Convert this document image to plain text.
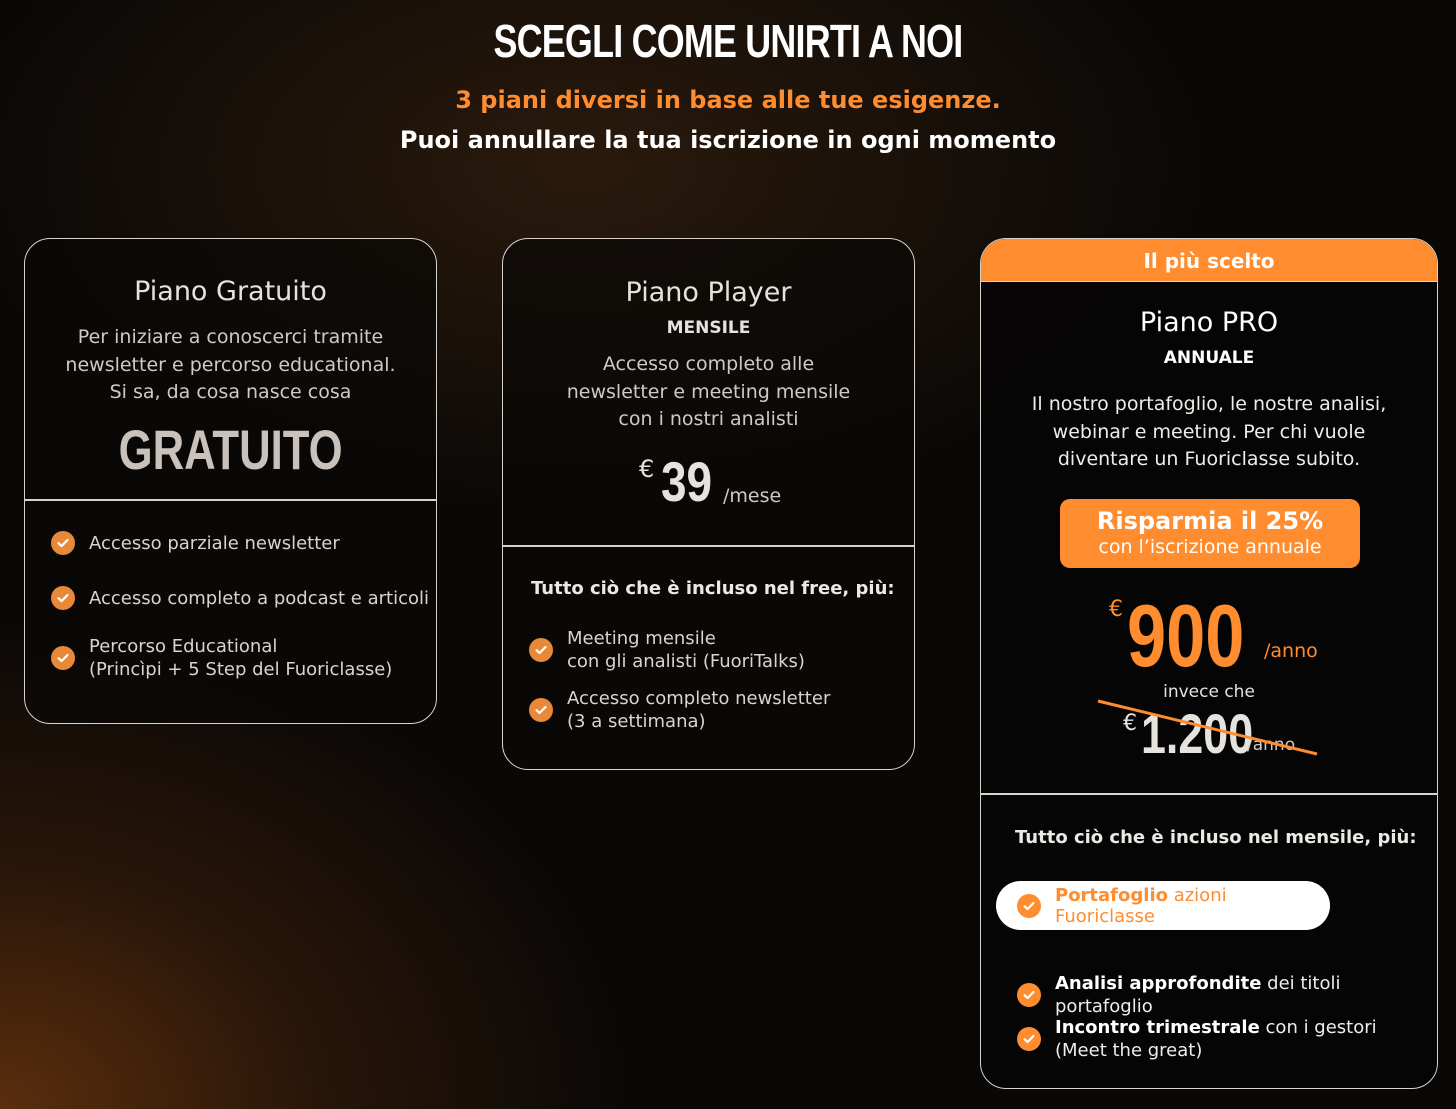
SCEGLI COME UNIRTI A NOI
3 piani diversi in base alle tue esigenze.
Puoi annullare la tua iscrizione in ogni momento
Piano Gratuito
Per iniziare a conoscerci tramite
newsletter e percorso educational.
Si sa, da cosa nasce cosa
GRATUITO
Accesso parziale newsletter
Accesso completo a podcast e articoli
Percorso Educational
(Princìpi + 5 Step del Fuoriclasse)
Piano Player
MENSILE
Accesso completo alle
newsletter e meeting mensile
con i nostri analisti
€ 39 /mese
Tutto ciò che è incluso nel free, più:
Meeting mensile
con gli analisti (FuoriTalks)
Accesso completo newsletter
(3 a settimana)
Il più scelto
Piano PRO
ANNUALE
Il nostro portafoglio, le nostre analisi,
webinar e meeting. Per chi vuole
diventare un Fuoriclasse subito.
Risparmia il 25%
con l’iscrizione annuale
€ 900 /anno
invece che
€ 1.200
/anno
Tutto ciò che è incluso nel mensile, più:
Portafoglio azioni Fuoriclasse
Analisi approfondite dei titoli portafoglio
Incontro trimestrale con i gestori
(Meet the great)
